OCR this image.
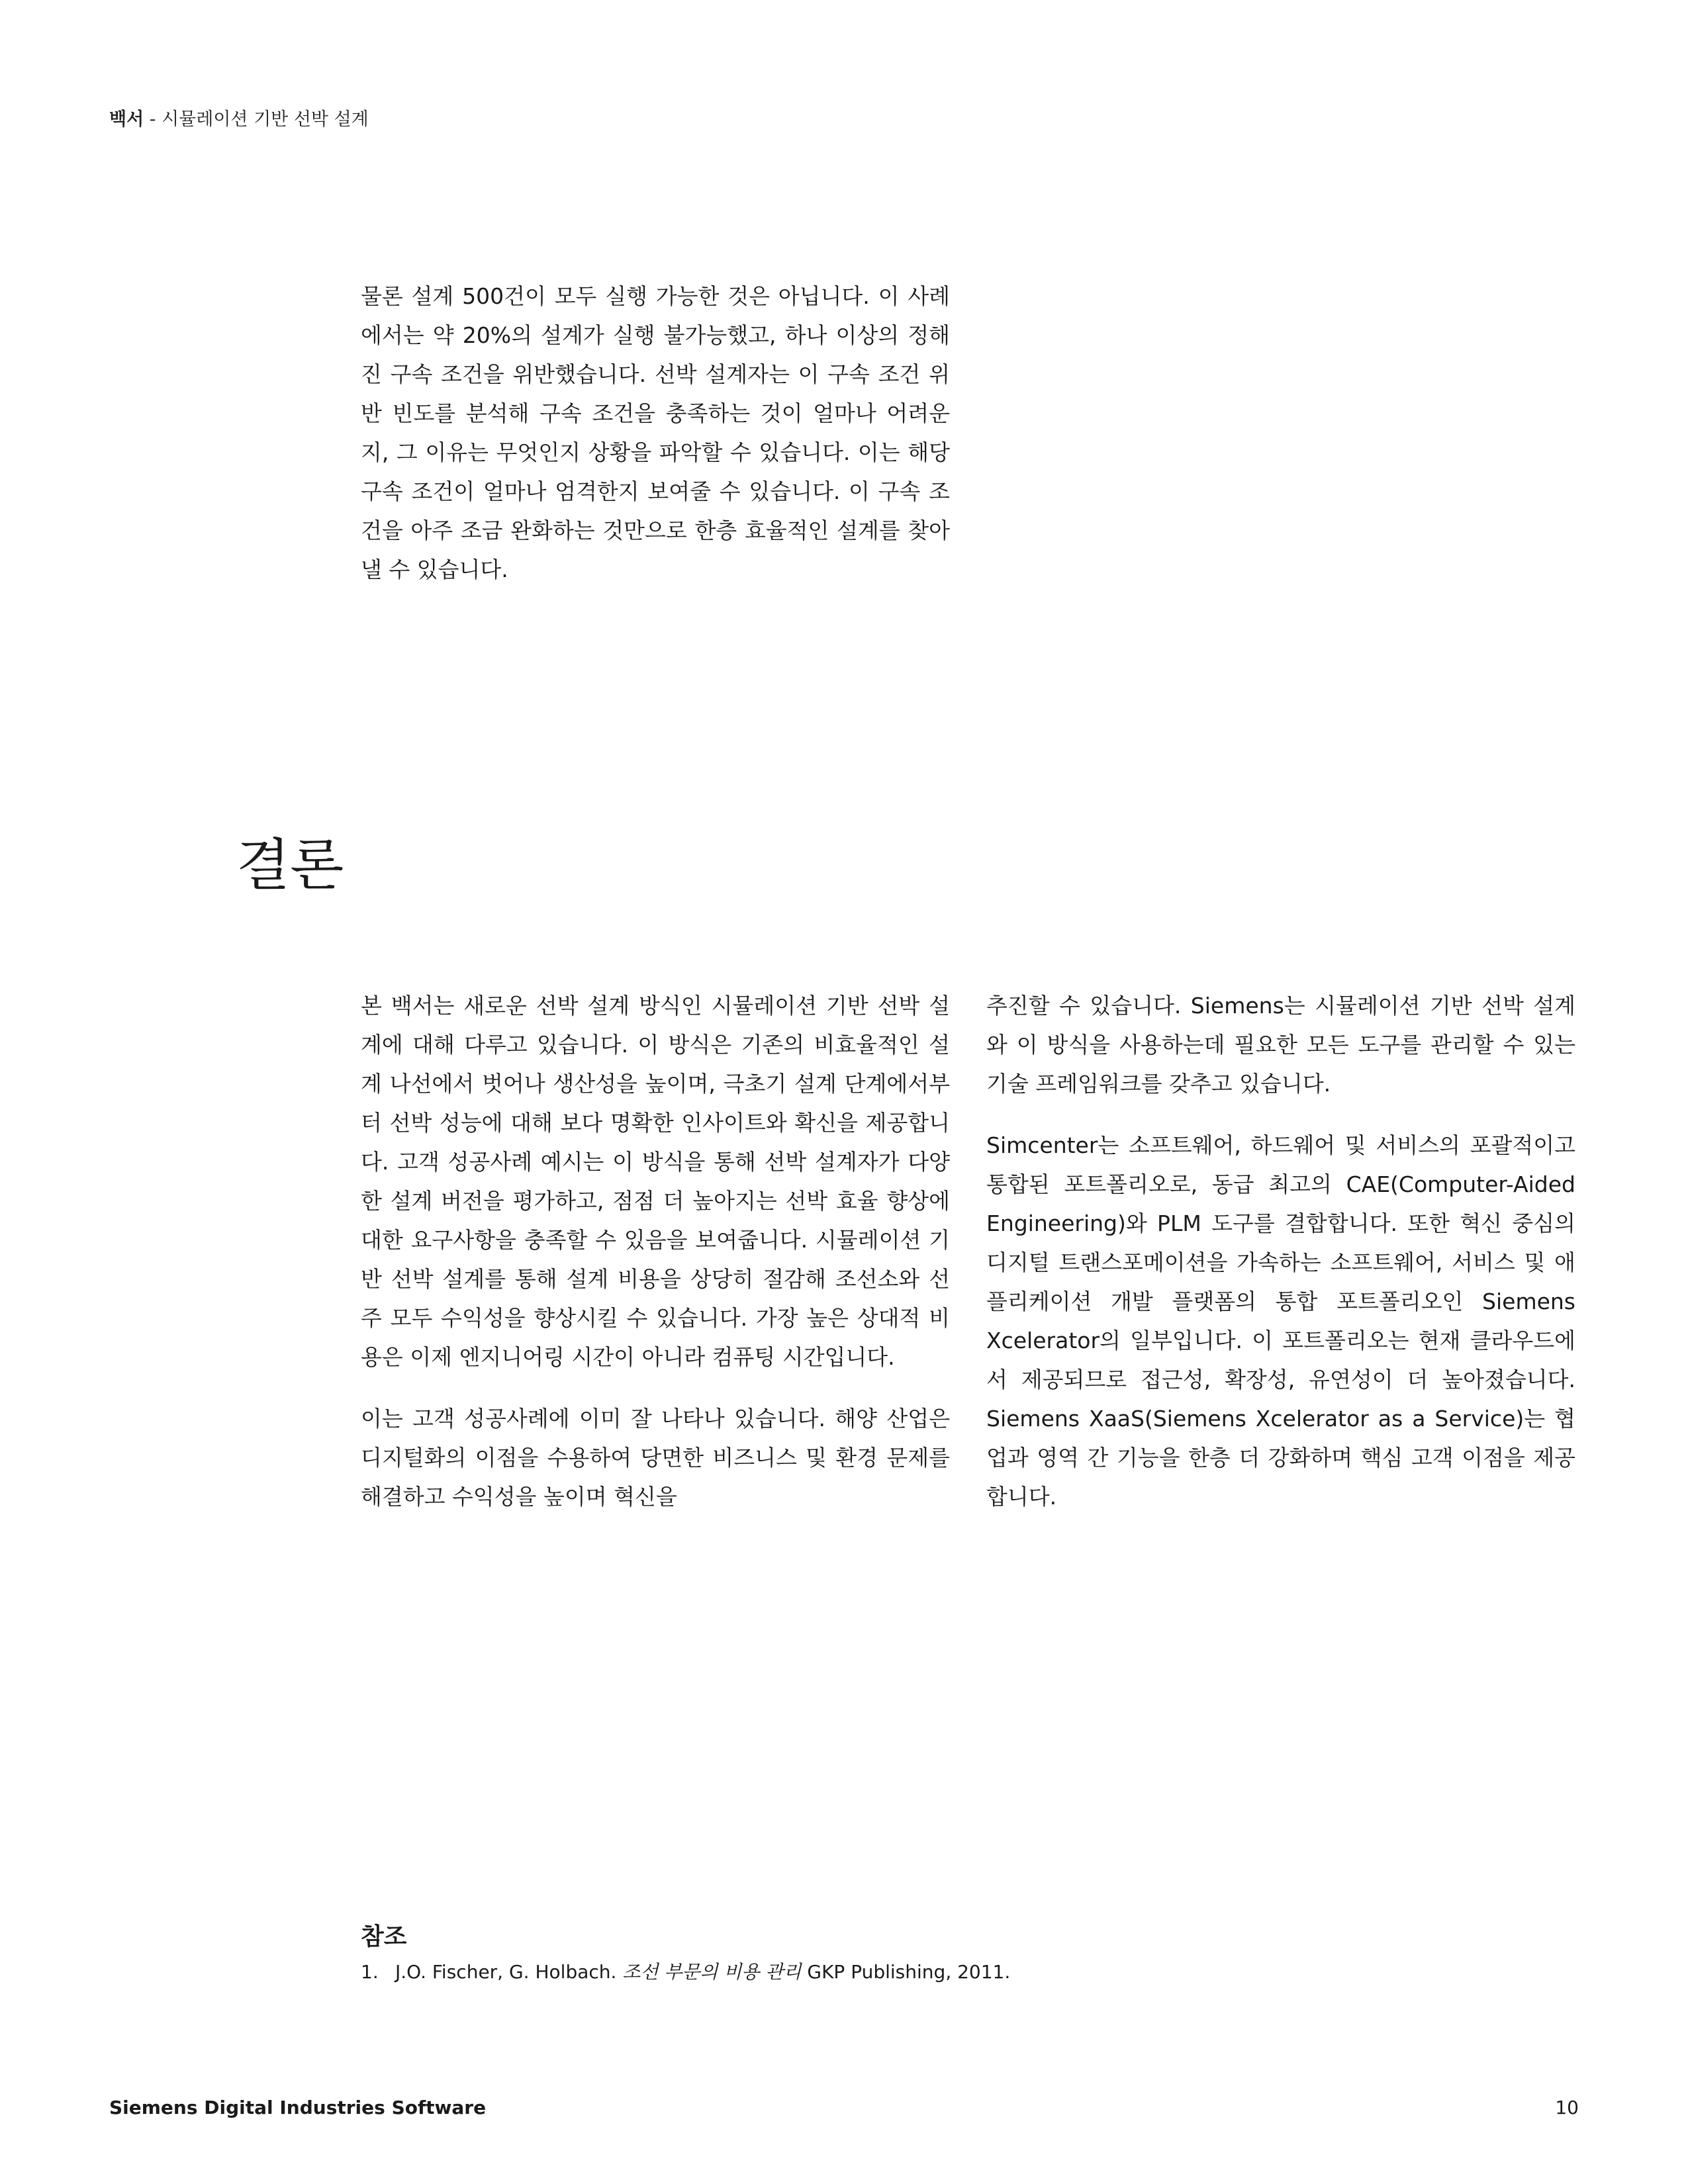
백서 - 시뮬레이션 기반 선박 설계

물론 설계 500건이 모두 실행 가능한 것은 아닙니다. 이 사례에서는 약 20%의 설계가 실행 불가능했고, 하나 이상의 정해진 구속 조건을 위반했습니다. 선박 설계자는 이 구속 조건 위반 빈도를 분석해 구속 조건을 충족하는 것이 얼마나 어려운지, 그 이유는 무엇인지 상황을 파악할 수 있습니다. 이는 해당 구속 조건이 얼마나 엄격한지 보여줄 수 있습니다. 이 구속 조건을 아주 조금 완화하는 것만으로 한층 효율적인 설계를 찾아낼 수 있습니다.

결론

본 백서는 새로운 선박 설계 방식인 시뮬레이션 기반 선박 설계에 대해 다루고 있습니다. 이 방식은 기존의 비효율적인 설계 나선에서 벗어나 생산성을 높이며, 극초기 설계 단계에서부터 선박 성능에 대해 보다 명확한 인사이트와 확신을 제공합니다. 고객 성공사례 예시는 이 방식을 통해 선박 설계자가 다양한 설계 버전을 평가하고, 점점 더 높아지는 선박 효율 향상에 대한 요구사항을 충족할 수 있음을 보여줍니다. 시뮬레이션 기반 선박 설계를 통해 설계 비용을 상당히 절감해 조선소와 선주 모두 수익성을 향상시킬 수 있습니다. 가장 높은 상대적 비용은 이제 엔지니어링 시간이 아니라 컴퓨팅 시간입니다.

이는 고객 성공사례에 이미 잘 나타나 있습니다. 해양 산업은 디지털화의 이점을 수용하여 당면한 비즈니스 및 환경 문제를 해결하고 수익성을 높이며 혁신을

추진할 수 있습니다. Siemens는 시뮬레이션 기반 선박 설계와 이 방식을 사용하는데 필요한 모든 도구를 관리할 수 있는 기술 프레임워크를 갖추고 있습니다.

Simcenter는 소프트웨어, 하드웨어 및 서비스의 포괄적이고 통합된 포트폴리오로, 동급 최고의 CAE(Computer-Aided Engineering)와 PLM 도구를 결합합니다. 또한 혁신 중심의 디지털 트랜스포메이션을 가속하는 소프트웨어, 서비스 및 애플리케이션 개발 플랫폼의 통합 포트폴리오인 Siemens Xcelerator의 일부입니다. 이 포트폴리오는 현재 클라우드에서 제공되므로 접근성, 확장성, 유연성이 더 높아졌습니다. Siemens XaaS(Siemens Xcelerator as a Service)는 협업과 영역 간 기능을 한층 더 강화하며 핵심 고객 이점을 제공합니다.

참조
1. J.O. Fischer, G. Holbach. 조선 부문의 비용 관리 GKP Publishing, 2011.
Siemens Digital Industries Software	10
